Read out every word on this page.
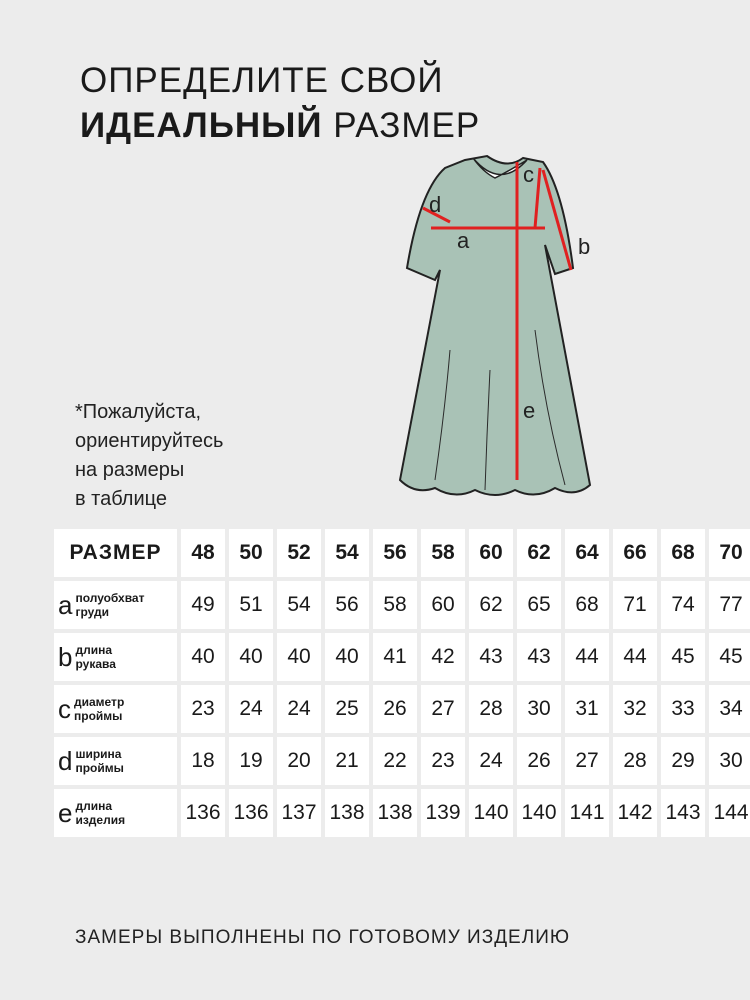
ОПРЕДЕЛИТЕ СВОЙ
ИДЕАЛЬНЫЙ РАЗМЕР
a	b
c
d
e
*Пожалуйста,
ориентируйтесь
на размеры
в таблице
РАЗМЕР	48	50	52	54	56	58	60	62	64	66	68	70
a полуобхват
груди	49	51	54	56	58	60	62	65	68	71	74	77
b длина
рукава	40	40	40	40	41	42	43	43	44	44	45	45
c диаметр
проймы	23	24	24	25	26	27	28	30	31	32	33	34
d ширина
проймы	18	19	20	21	22	23	24	26	27	28	29	30
e длина
изделия	136 136 137 138 138 139 140 140 141 142 143 144
ЗАМЕРЫ ВЫПОЛНЕНЫ ПО ГОТОВОМУ ИЗДЕЛИЮ
